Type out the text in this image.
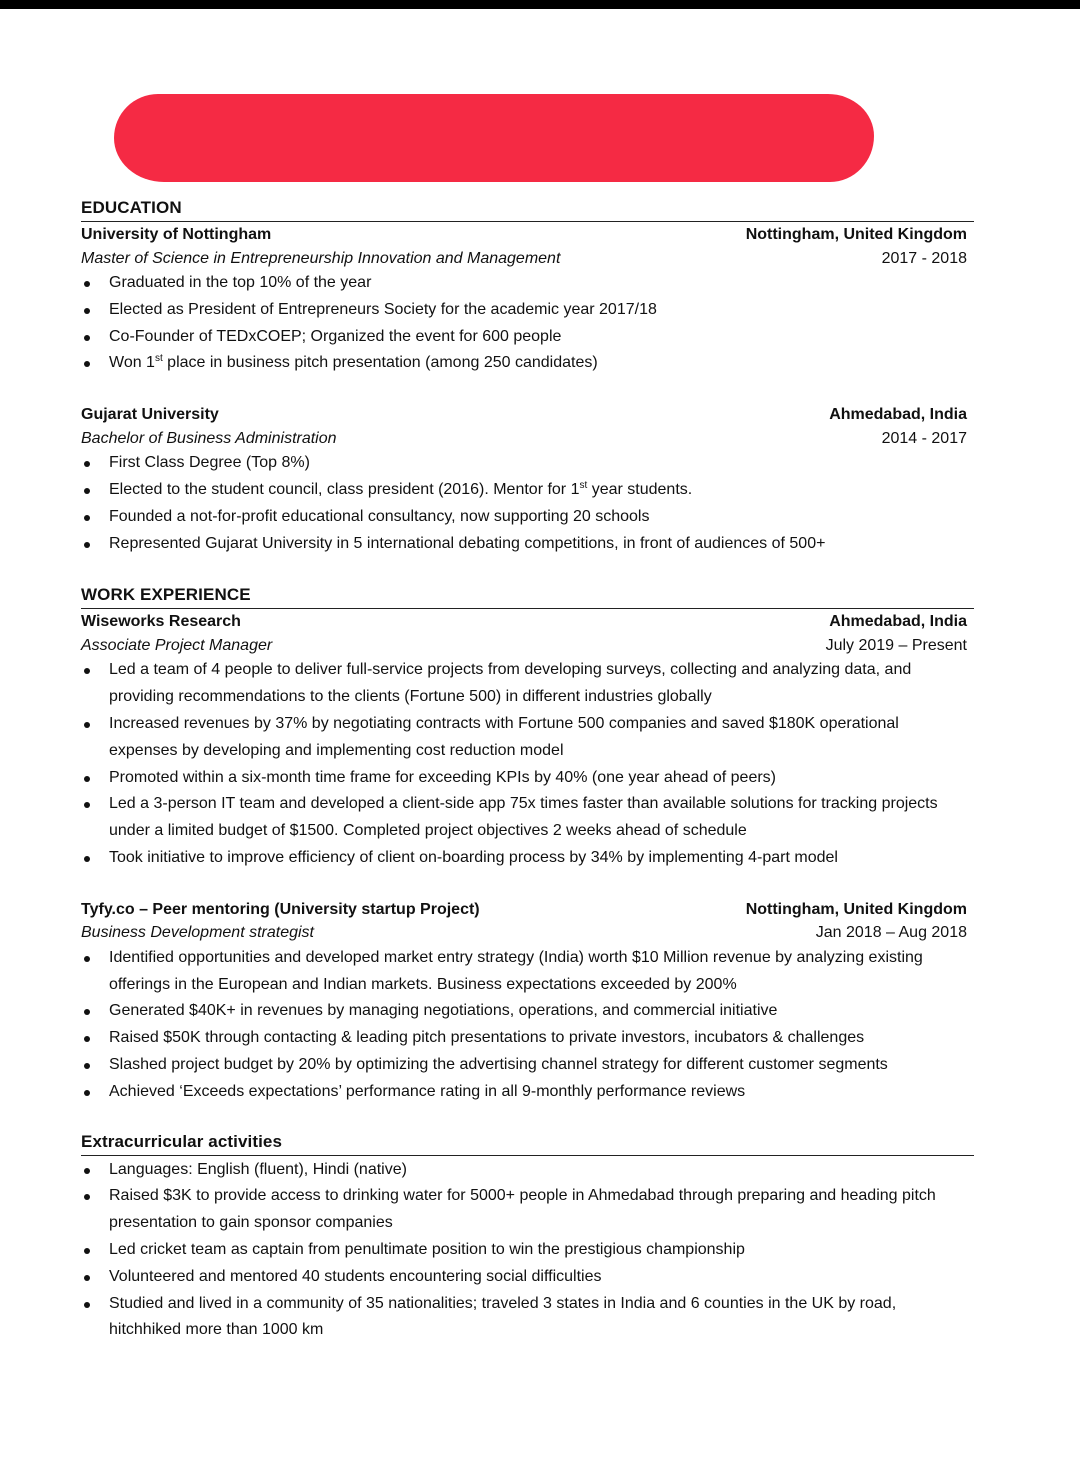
EDUCATION
University of Nottingham	Nottingham, United Kingdom
Master of Science in Entrepreneurship Innovation and Management	2017 - 2018
Graduated in the top 10% of the year
Elected as President of Entrepreneurs Society for the academic year 2017/18
Co-Founder of TEDxCOEP; Organized the event for 600 people
Won 1st place in business pitch presentation (among 250 candidates)
Gujarat University	Ahmedabad, India
Bachelor of Business Administration	2014 - 2017
First Class Degree (Top 8%)
Elected to the student council, class president (2016). Mentor for 1st year students.
Founded a not-for-profit educational consultancy, now supporting 20 schools
Represented Gujarat University in 5 international debating competitions, in front of audiences of 500+
WORK EXPERIENCE
Wiseworks Research	Ahmedabad, India
Associate Project Manager	July 2019 – Present
Led a team of 4 people to deliver full-service projects from developing surveys, collecting and analyzing data, and providing recommendations to the clients (Fortune 500) in different industries globally
Increased revenues by 37% by negotiating contracts with Fortune 500 companies and saved $180K operational expenses by developing and implementing cost reduction model
Promoted within a six-month time frame for exceeding KPIs by 40% (one year ahead of peers)
Led a 3-person IT team and developed a client-side app 75x times faster than available solutions for tracking projects under a limited budget of $1500. Completed project objectives 2 weeks ahead of schedule
Took initiative to improve efficiency of client on-boarding process by 34% by implementing 4-part model
Tyfy.co – Peer mentoring (University startup Project)	Nottingham, United Kingdom
Business Development strategist	Jan 2018 – Aug 2018
Identified opportunities and developed market entry strategy (India) worth $10 Million revenue by analyzing existing offerings in the European and Indian markets. Business expectations exceeded by 200%
Generated $40K+ in revenues by managing negotiations, operations, and commercial initiative
Raised $50K through contacting & leading pitch presentations to private investors, incubators & challenges
Slashed project budget by 20% by optimizing the advertising channel strategy for different customer segments
Achieved ‘Exceeds expectations’ performance rating in all 9-monthly performance reviews
Extracurricular activities
Languages: English (fluent), Hindi (native)
Raised $3K to provide access to drinking water for 5000+ people in Ahmedabad through preparing and heading pitch presentation to gain sponsor companies
Led cricket team as captain from penultimate position to win the prestigious championship
Volunteered and mentored 40 students encountering social difficulties
Studied and lived in a community of 35 nationalities; traveled 3 states in India and 6 counties in the UK by road, hitchhiked more than 1000 km
